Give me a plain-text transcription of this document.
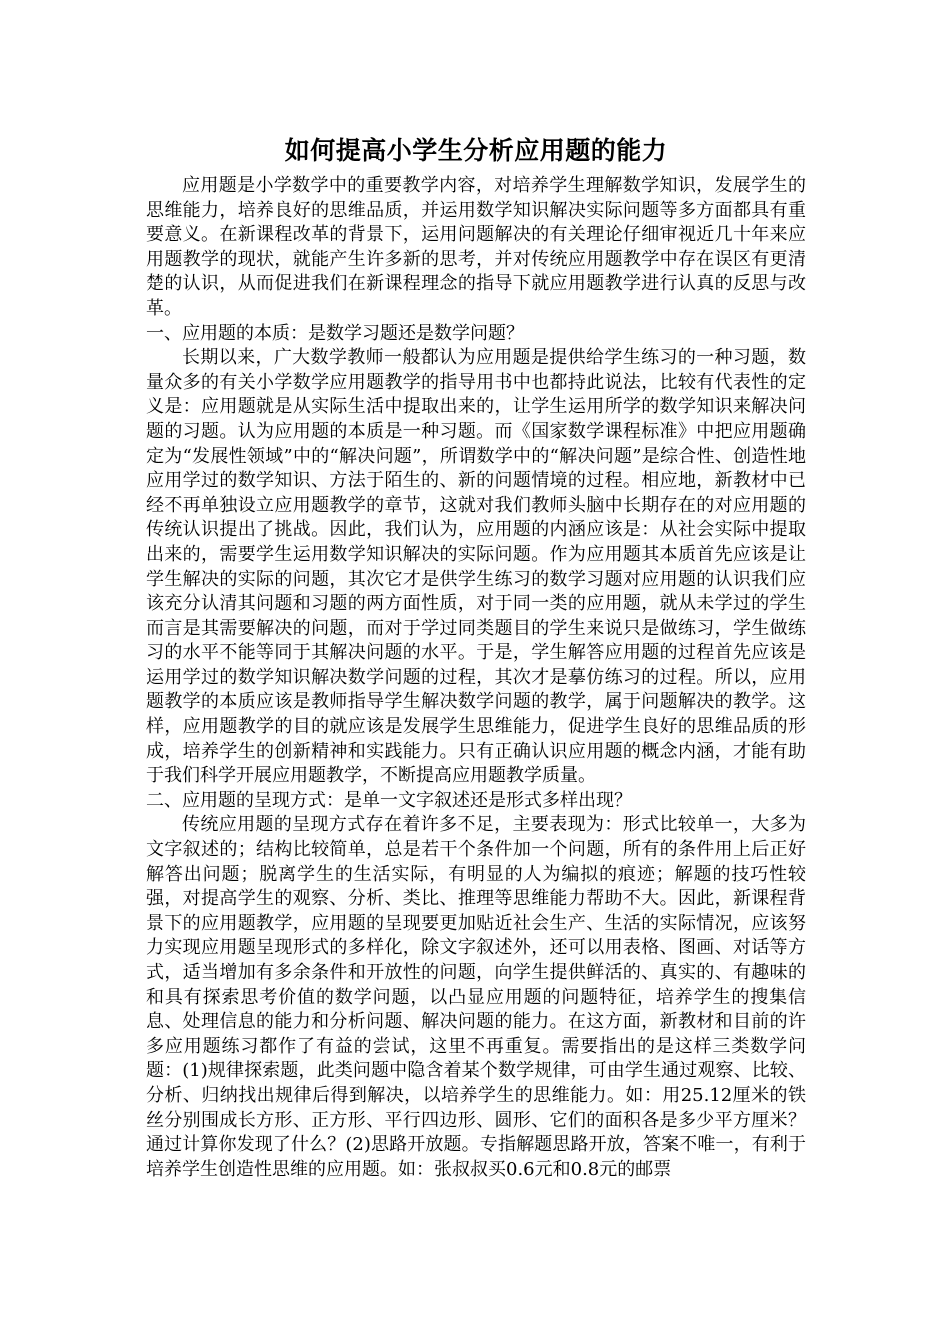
如何提高小学生分析应用题的能力

应用题是小学数学中的重要教学内容，对培养学生理解数学知识，发展学生的思维能力，培养良好的思维品质，并运用数学知识解决实际问题等多方面都具有重要意义。在新课程改革的背景下，运用问题解决的有关理论仔细审视近几十年来应用题教学的现状，就能产生许多新的思考，并对传统应用题教学中存在误区有更清楚的认识，从而促进我们在新课程理念的指导下就应用题教学进行认真的反思与改革。

一、应用题的本质：是数学习题还是数学问题？

长期以来，广大数学教师一般都认为应用题是提供给学生练习的一种习题，数量众多的有关小学数学应用题教学的指导用书中也都持此说法，比较有代表性的定义是：应用题就是从实际生活中提取出来的，让学生运用所学的数学知识来解决问题的习题。认为应用题的本质是一种习题。而《国家数学课程标准》中把应用题确定为“发展性领域”中的“解决问题”，所谓数学中的“解决问题”是综合性、创造性地应用学过的数学知识、方法于陌生的、新的问题情境的过程。相应地，新教材中已经不再单独设立应用题教学的章节，这就对我们教师头脑中长期存在的对应用题的传统认识提出了挑战。因此，我们认为，应用题的内涵应该是：从社会实际中提取出来的，需要学生运用数学知识解决的实际问题。作为应用题其本质首先应该是让学生解决的实际的问题，其次它才是供学生练习的数学习题对应用题的认识我们应该充分认清其问题和习题的两方面性质，对于同一类的应用题，就从未学过的学生而言是其需要解决的问题，而对于学过同类题目的学生来说只是做练习，学生做练习的水平不能等同于其解决问题的水平。于是，学生解答应用题的过程首先应该是运用学过的数学知识解决数学问题的过程，其次才是摹仿练习的过程。所以，应用题教学的本质应该是教师指导学生解决数学问题的教学，属于问题解决的教学。这样，应用题教学的目的就应该是发展学生思维能力，促进学生良好的思维品质的形成，培养学生的创新精神和实践能力。只有正确认识应用题的概念内涵，才能有助于我们科学开展应用题教学，不断提高应用题教学质量。

二、应用题的呈现方式：是单一文字叙述还是形式多样出现？

传统应用题的呈现方式存在着许多不足，主要表现为：形式比较单一，大多为文字叙述的；结构比较简单，总是若干个条件加一个问题，所有的条件用上后正好解答出问题；脱离学生的生活实际，有明显的人为编拟的痕迹；解题的技巧性较强，对提高学生的观察、分析、类比、推理等思维能力帮助不大。因此，新课程背景下的应用题教学，应用题的呈现要更加贴近社会生产、生活的实际情况，应该努力实现应用题呈现形式的多样化，除文字叙述外，还可以用表格、图画、对话等方式，适当增加有多余条件和开放性的问题，向学生提供鲜活的、真实的、有趣味的和具有探索思考价值的数学问题，以凸显应用题的问题特征，培养学生的搜集信息、处理信息的能力和分析问题、解决问题的能力。在这方面，新教材和目前的许多应用题练习都作了有益的尝试，这里不再重复。需要指出的是这样三类数学问题：(1)规律探索题，此类问题中隐含着某个数学规律，可由学生通过观察、比较、分析、归纳找出规律后得到解决，以培养学生的思维能力。如：用25.12厘米的铁丝分别围成长方形、正方形、平行四边形、圆形、它们的面积各是多少平方厘米？通过计算你发现了什么？(2)思路开放题。专指解题思路开放，答案不唯一，有利于培养学生创造性思维的应用题。如：张叔叔买0.6元和0.8元的邮票
